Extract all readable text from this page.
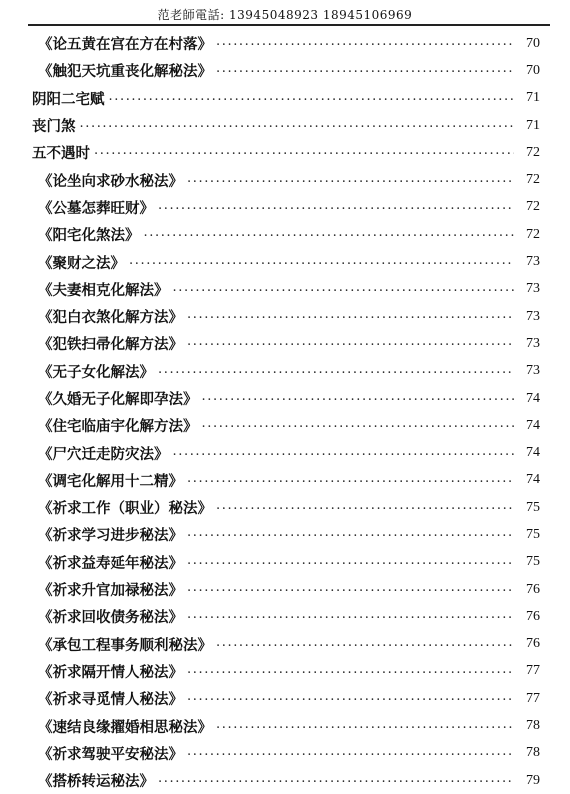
范老師電話: 13945048923 18945106969
《论五黄在宫在方在村落》 .....	70
《触犯天坑重丧化解秘法》 .....	70
阴阳二宅赋 .....	71
丧门煞 .....	71
五不遇时 .....	72
《论坐向求砂水秘法》 .....	72
《公墓怎葬旺财》 .....	72
《阳宅化煞法》 .....	72
《聚财之法》 .....	73
《夫妻相克化解法》 .....	73
《犯白衣煞化解方法》 .....	73
《犯铁扫帚化解方法》 .....	73
《无子女化解法》 .....	73
《久婚无子化解即孕法》 .....	74
《住宅临庙宇化解方法》 .....	74
《尸穴迁走防灾法》 .....	74
《调宅化解用十二精》 .....	74
《祈求工作（职业）秘法》 .....	75
《祈求学习进步秘法》 .....	75
《祈求益寿延年秘法》 .....	75
《祈求升官加禄秘法》 .....	76
《祈求回收债务秘法》 .....	76
《承包工程事务顺利秘法》 .....	76
《祈求隔开情人秘法》 .....	77
《祈求寻觅情人秘法》 .....	77
《速结良缘擢婚相思秘法》 .....	78
《祈求驾驶平安秘法》 .....	78
《搭桥转运秘法》 .....	79
